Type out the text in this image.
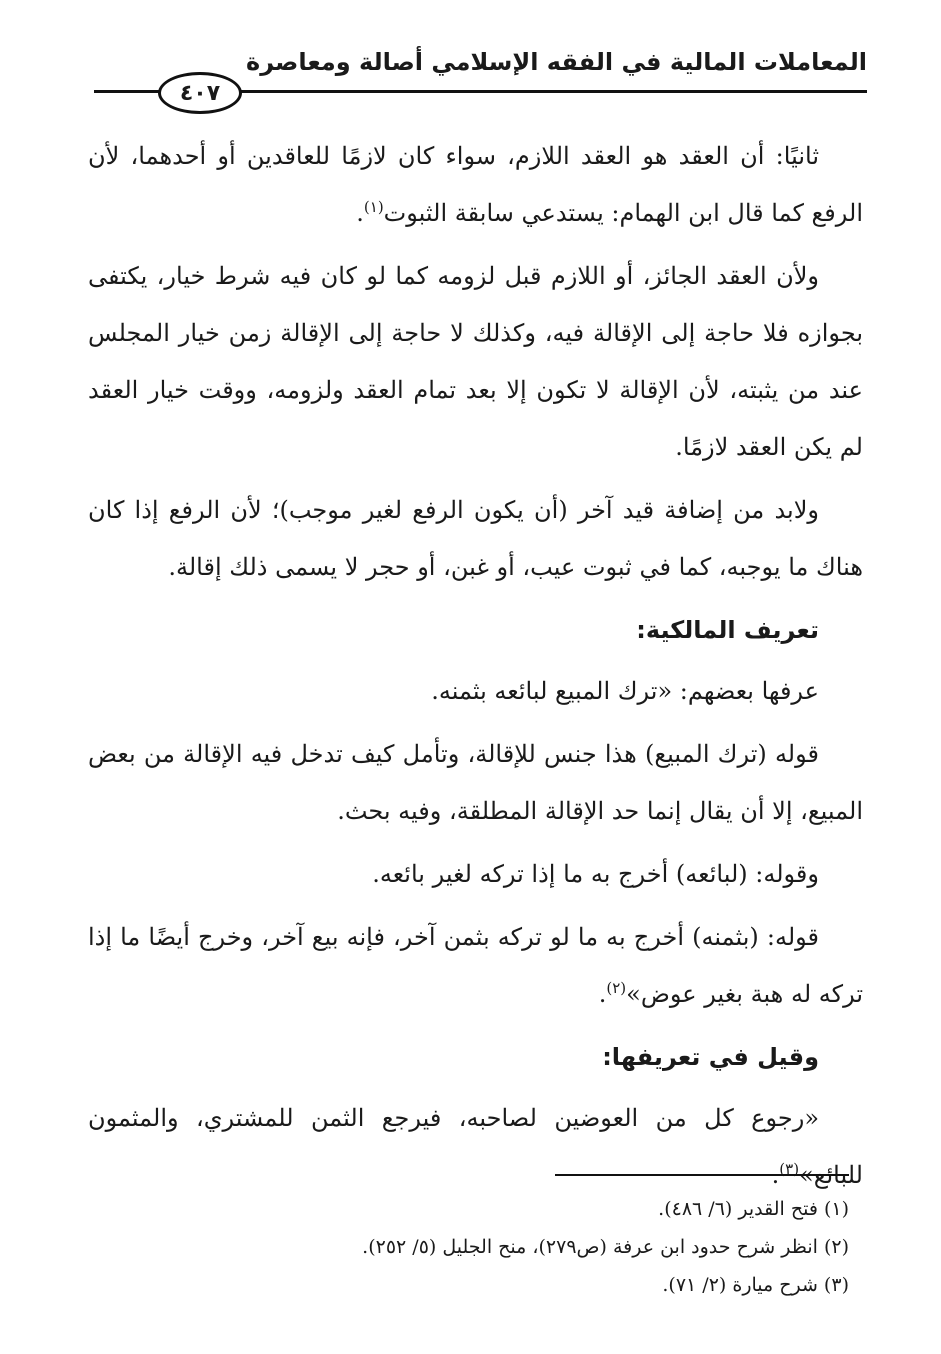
المعاملات المالية في الفقه الإسلامي أصالة ومعاصرة
٤٠٧

ثانيًا: أن العقد هو العقد اللازم، سواء كان لازمًا للعاقدين أو أحدهما، لأن الرفع كما قال ابن الهمام: يستدعي سابقة الثبوت$^{(١)}$.

ولأن العقد الجائز، أو اللازم قبل لزومه كما لو كان فيه شرط خيار، يكتفى بجوازه فلا حاجة إلى الإقالة فيه، وكذلك لا حاجة إلى الإقالة زمن خيار المجلس عند من يثبته، لأن الإقالة لا تكون إلا بعد تمام العقد ولزومه، ووقت خيار العقد لم يكن العقد لازمًا.

ولابد من إضافة قيد آخر (أن يكون الرفع لغير موجب)؛ لأن الرفع إذا كان هناك ما يوجبه، كما في ثبوت عيب، أو غبن، أو حجر لا يسمى ذلك إقالة.

تعريف المالكية:

عرفها بعضهم: «ترك المبيع لبائعه بثمنه.

قوله (ترك المبيع) هذا جنس للإقالة، وتأمل كيف تدخل فيه الإقالة من بعض المبيع، إلا أن يقال إنما حد الإقالة المطلقة، وفيه بحث.

وقوله: (لبائعه) أخرج به ما إذا تركه لغير بائعه.

قوله: (بثمنه) أخرج به ما لو تركه بثمن آخر، فإنه بيع آخر، وخرج أيضًا ما إذا تركه له هبة بغير عوض»$^{(٢)}$.

وقيل في تعريفها:

«رجوع كل من العوضين لصاحبه، فيرجع الثمن للمشتري، والمثمون للبائع»$^{(٣)}$.

(١) فتح القدير (٦/ ٤٨٦).
(٢) انظر شرح حدود ابن عرفة (ص٢٧٩)، منح الجليل (٥/ ٢٥٢).
(٣) شرح ميارة (٢/ ٧١).
